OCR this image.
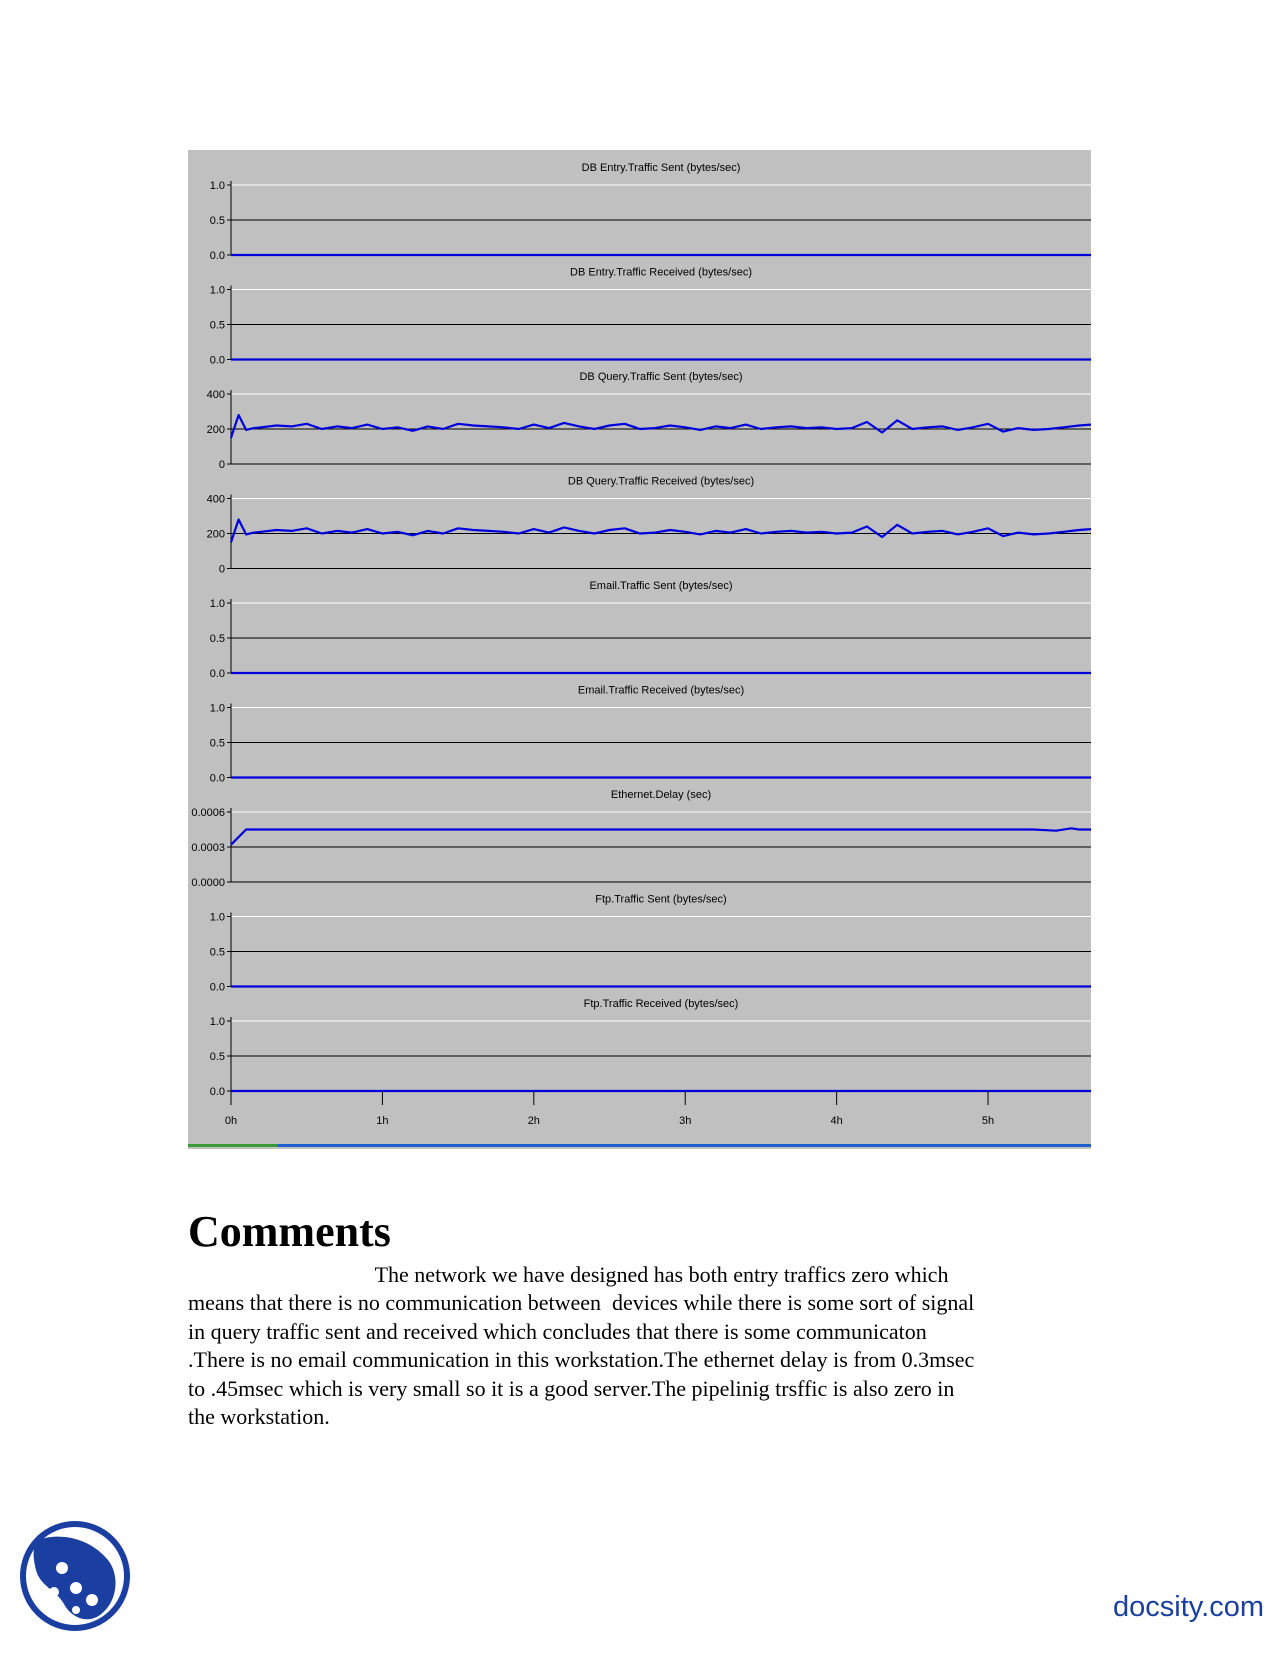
DB Entry.Traffic Sent (bytes/sec)
1.0
0.5
0.0
DB Entry.Traffic Received (bytes/sec)
1.0
0.5
0.0
DB Query.Traffic Sent (bytes/sec)
400
200
0
DB Query.Traffic Received (bytes/sec)
400
200
0
Email.Traffic Sent (bytes/sec)
1.0
0.5
0.0
Email.Traffic Received (bytes/sec)
1.0
0.5
0.0
Ethernet.Delay (sec)
0.0006
0.0003
0.0000
Ftp.Traffic Sent (bytes/sec)
1.0
0.5
0.0
Ftp.Traffic Received (bytes/sec)
1.0
0.5
0.0
0h	1h	2h	3h	4h	5h
Comments
The network we have designed has both entry traffics zero which
means that there is no communication between  devices while there is some sort of signal
in query traffic sent and received which concludes that there is some communicaton
.There is no email communication in this workstation.The ethernet delay is from 0.3msec
to .45msec which is very small so it is a good server.The pipelinig trsffic is also zero in
the workstation.
docsity.com
